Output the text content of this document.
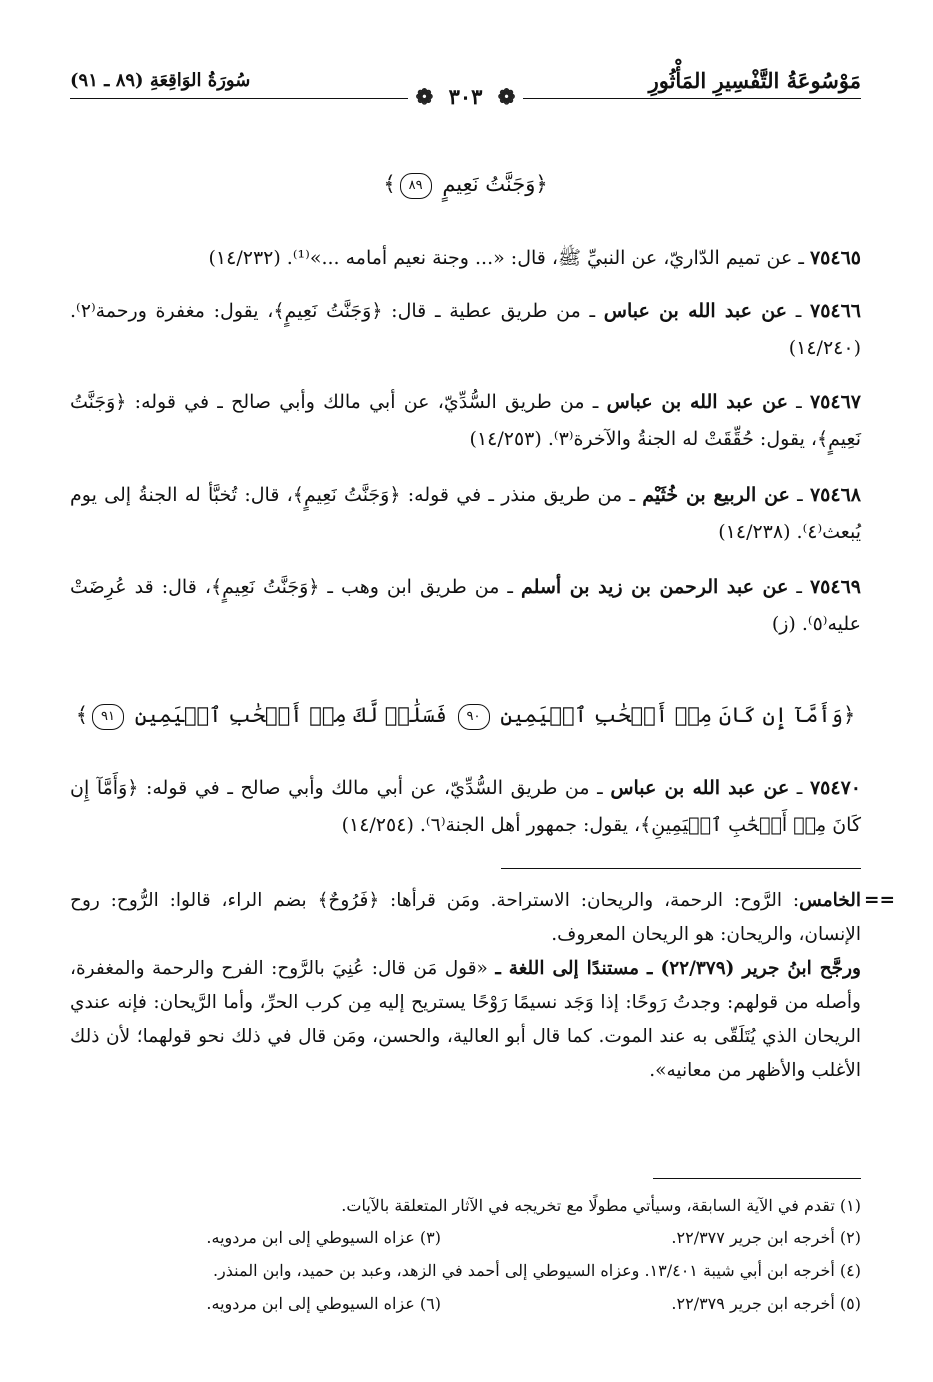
مَوْسُوعَةُ التَّفْسِيرِ المَأْثُورِ
سُورَةُ الوَاقِعَةِ (٨٩ ـ ٩١)
❁ ٣٠٣ ❁
﴿وَجَنَّتُ نَعِيمٍ ٨٩﴾
٧٥٤٦٥ ـ عن تميم الدّاريّ، عن النبيِّ ﷺ، قال: «... وجنة نعيم أمامه ...»⁽¹⁾. (١٤/٢٣٢)
٧٥٤٦٦ ـ عن عبد الله بن عباس ـ من طريق عطية ـ قال: ﴿وَجَنَّتُ نَعِيمٍ﴾، يقول: مغفرة ورحمة⁽٢⁾. (١٤/٢٤٠)
٧٥٤٦٧ ـ عن عبد الله بن عباس ـ من طريق السُّدِّيّ، عن أبي مالك وأبي صالح ـ في قوله: ﴿وَجَنَّتُ نَعِيمٍ﴾، يقول: حُقِّقَتْ له الجنةُ والآخرة⁽٣⁾. (١٤/٢٥٣)
٧٥٤٦٨ ـ عن الربيع بن خُثَيْم ـ من طريق منذر ـ في قوله: ﴿وَجَنَّتُ نَعِيمٍ﴾، قال: تُخبَّأ له الجنةُ إلى يوم يُبعث⁽٤⁾. (١٤/٢٣٨)
٧٥٤٦٩ ـ عن عبد الرحمن بن زيد بن أسلم ـ من طريق ابن وهب ـ ﴿وَجَنَّتُ نَعِيمٍ﴾، قال: قد عُرِضَتْ عليه⁽٥⁾. (ز)
﴿وَأَمَّآ إِن كَانَ مِنۡ أَصۡحَٰبِ ٱلۡيَمِينِ ٩٠ فَسَلَٰمٞ لَّكَ مِنۡ أَصۡحَٰبِ ٱلۡيَمِينِ ٩١﴾
٧٥٤٧٠ ـ عن عبد الله بن عباس ـ من طريق السُّدِّيّ، عن أبي مالك وأبي صالح ـ في قوله: ﴿وَأَمَّآ إِن كَانَ مِنۡ أَصۡحَٰبِ ٱلۡيَمِينِ﴾، يقول: جمهور أهل الجنة⁽٦⁾. (١٤/٢٥٤)
==
الخامس: الرَّوح: الرحمة، والريحان: الاستراحة. ومَن قرأها: ﴿فَرُوحٌ﴾ بضم الراء، قالوا: الرُّوح: روح الإنسان، والريحان: هو الريحان المعروف.
ورجَّح ابنُ جرير (٢٢/٣٧٩) ـ مستندًا إلى اللغة ـ «قول مَن قال: عُنِيَ بالرَّوح: الفرح والرحمة والمغفرة، وأصله من قولهم: وجدتُ رَوحًا: إذا وَجَد نسيمًا رَوْحًا يستريح إليه مِن كرب الحرِّ، وأما الرَّيحان: فإنه عندي الريحان الذي يُتَلَقّى به عند الموت. كما قال أبو العالية، والحسن، ومَن قال في ذلك نحو قولهما؛ لأن ذلك الأغلب والأظهر من معانيه».
(١) تقدم في الآية السابقة، وسيأتي مطولًا مع تخريجه في الآثار المتعلقة بالآيات.
(٢) أخرجه ابن جرير ٢٢/٣٧٧.
(٣) عزاه السيوطي إلى ابن مردويه.
(٤) أخرجه ابن أبي شيبة ١٣/٤٠١. وعزاه السيوطي إلى أحمد في الزهد، وعبد بن حميد، وابن المنذر.
(٥) أخرجه ابن جرير ٢٢/٣٧٩.
(٦) عزاه السيوطي إلى ابن مردويه.
